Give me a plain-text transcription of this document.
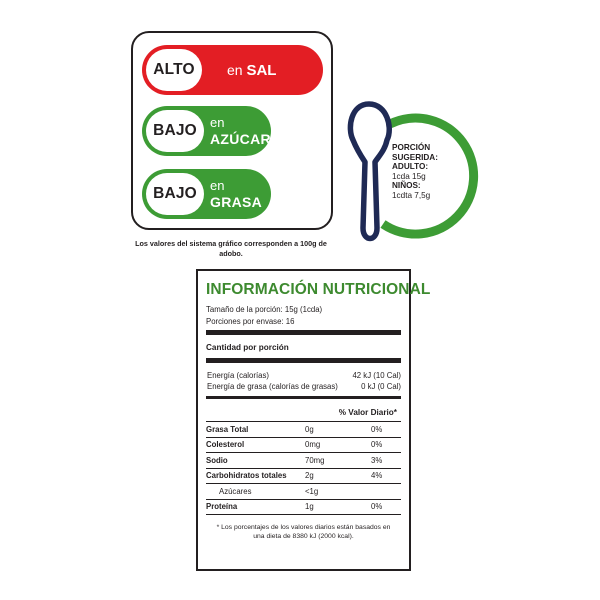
ALTO	en SAL
BAJO	en
AZÚCAR
BAJO	en
GRASA
Los valores del sistema gráfico corresponden a 100g de adobo.
PORCIÓN
SUGERIDA:
ADULTO:
1cda 15g
NIÑOS:
1cdta 7,5g
INFORMACIÓN NUTRICIONAL
Tamaño de la porción: 15g (1cda)
Porciones por envase: 16
Cantidad por porción
Energía (calorías)	42 kJ (10 Cal)
Energía de grasa (calorías de grasas)	0 kJ (0 Cal)
% Valor Diario*
Grasa Total	0g	0%
Colesterol	0mg	0%
Sodio	70mg	3%
Carbohidratos totales	2g	4%
Azúcares	<1g
Proteína	1g	0%
* Los porcentajes de los valores diarios están basados en una dieta de 8380 kJ (2000 kcal).
